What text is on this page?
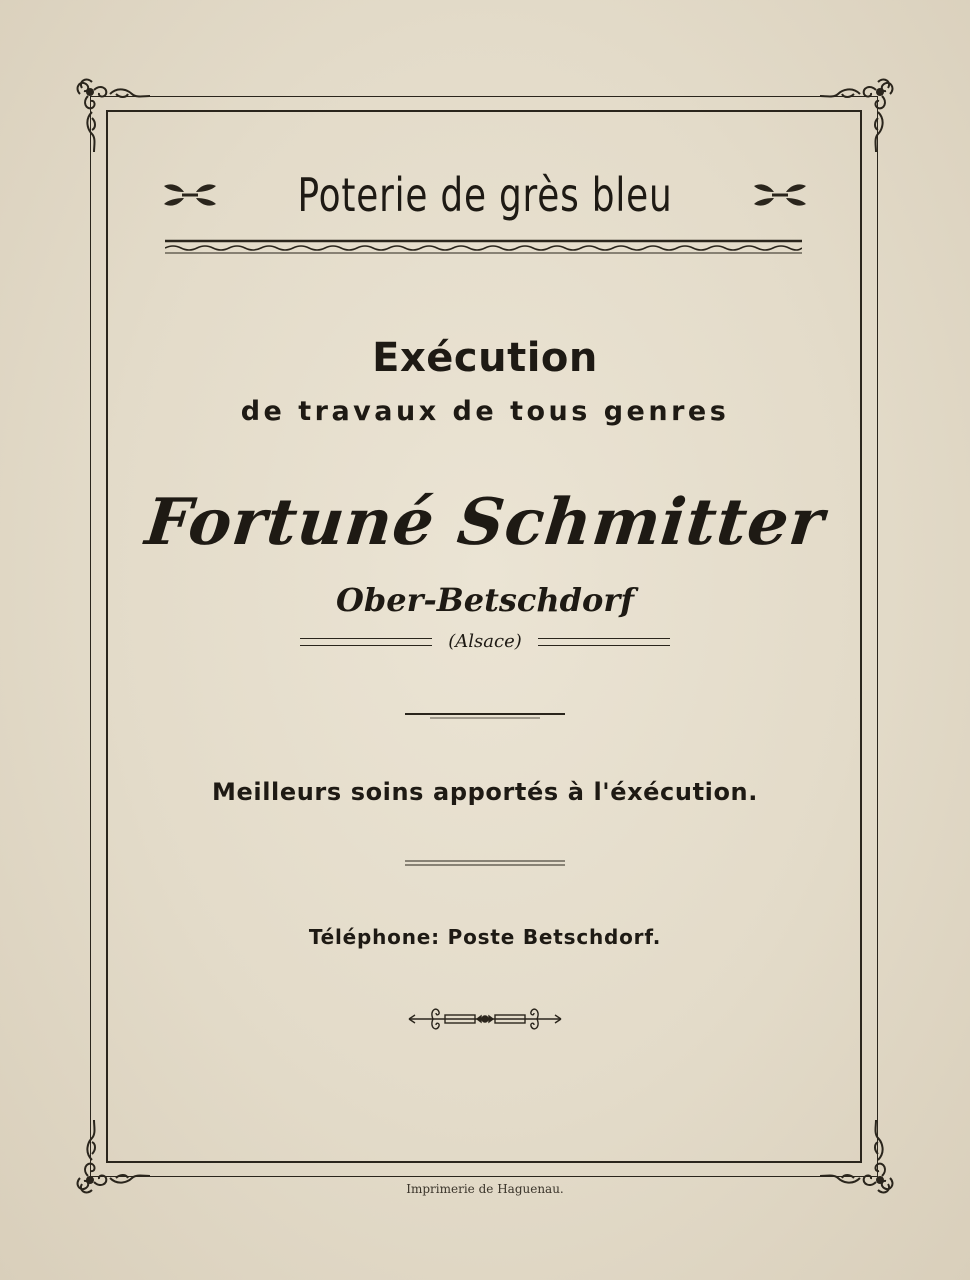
Poterie de grès bleu
Exécution
de travaux de tous genres
Fortuné Schmitter
Ober-Betschdorf
(Alsace)
Meilleurs soins apportés à l'éxécution.
Téléphone: Poste Betschdorf.
Imprimerie de Haguenau.
